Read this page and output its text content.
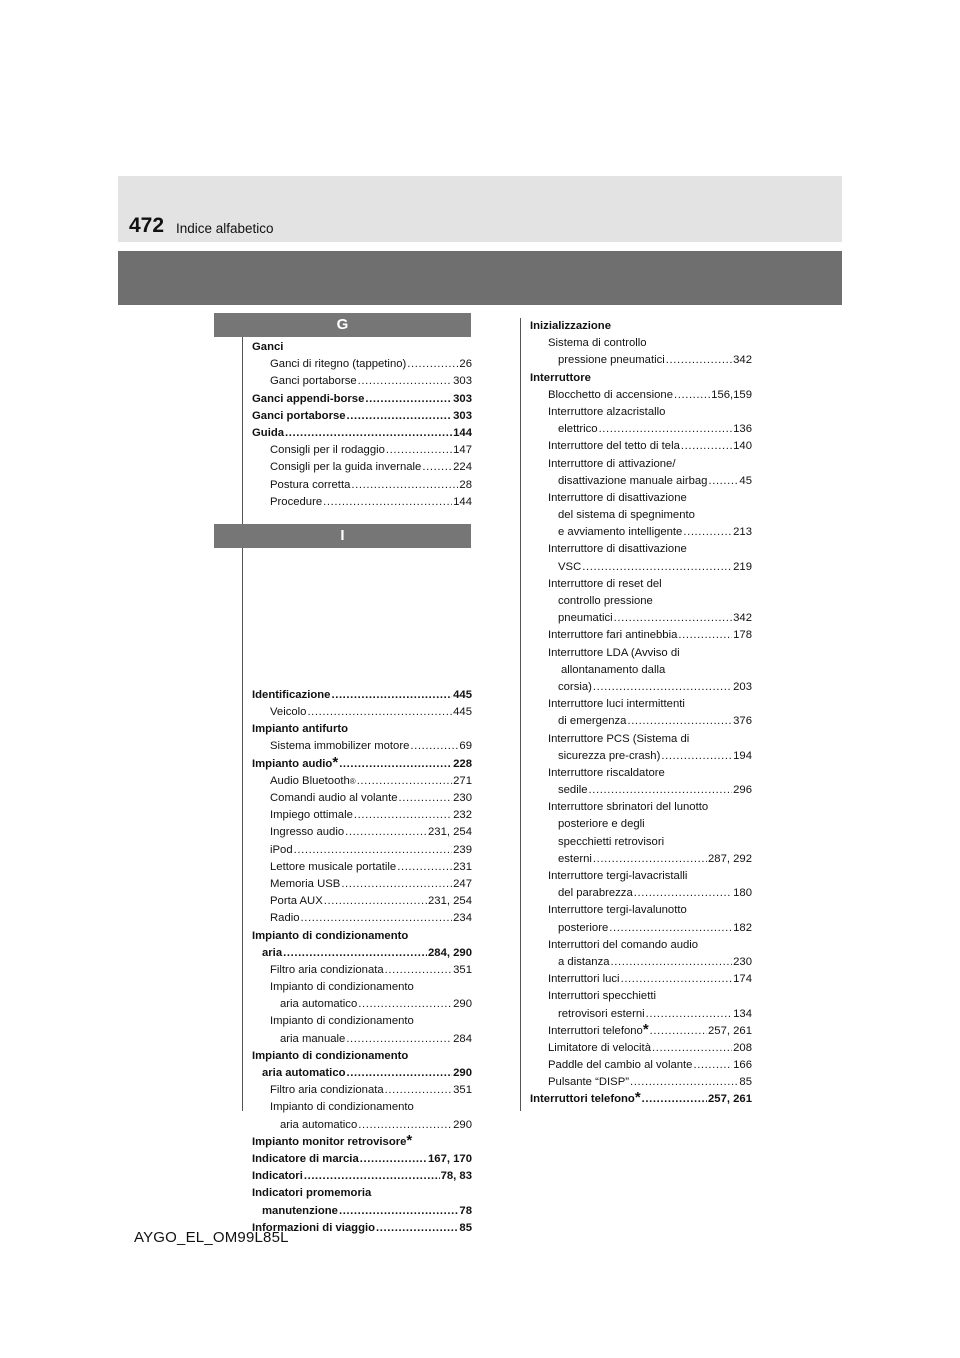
472 Indice alfabetico
G
Ganci
Ganci di ritegno (tappetino) .....	26
Ganci portaborse .....	303
Ganci appendi-borse .....	303
Ganci portaborse .....	303
Guida .....	144
Consigli per il rodaggio .....	147
Consigli per la guida invernale .....	224
Postura corretta .....	28
Procedure .....	144
Identificazione .....	445
Veicolo .....	445
Impianto antifurto
Sistema immobilizer motore .....	69
Impianto audio * .....	228
Audio Bluetooth ® .....	271
Comandi audio al volante .....	230
Impiego ottimale .....	232
Ingresso audio .....	231, 254
iPod .....	239
Lettore musicale portatile .....	231
Memoria USB .....	247
Porta AUX .....	231, 254
Radio .....	234
Impianto di condizionamento
aria .....	284, 290
Filtro aria condizionata .....	351
Impianto di condizionamento
aria automatico .....	290
Impianto di condizionamento
aria manuale .....	284
Impianto di condizionamento
aria automatico .....	290
Filtro aria condizionata .....	351
Impianto di condizionamento
aria automatico .....	290
Impianto monitor retrovisore *
Indicatore di marcia .....	167, 170
Indicatori .....	78, 83
Indicatori promemoria
manutenzione .....	78
Informazioni di viaggio .....	85
I
Inizializzazione
Sistema di controllo
pressione pneumatici .....	342
Interruttore
Blocchetto di accensione .....	156,159
Interruttore alzacristallo
elettrico .....	136
Interruttore del tetto di tela .....	140
Interruttore di attivazione/
disattivazione manuale airbag .....	45
Interruttore di disattivazione
del sistema di spegnimento
e avviamento intelligente .....	213
Interruttore di disattivazione
VSC .....	219
Interruttore di reset del
controllo pressione
pneumatici .....	342
Interruttore fari antinebbia .....	178
Interruttore LDA (Avviso di
allontanamento dalla
corsia) .....	203
Interruttore luci intermittenti
di emergenza .....	376
Interruttore PCS (Sistema di
sicurezza pre-crash) .....	194
Interruttore riscaldatore
sedile .....	296
Interruttore sbrinatori del lunotto
posteriore e degli
specchietti retrovisori
esterni .....	287, 292
Interruttore tergi-lavacristalli
del parabrezza .....	180
Interruttore tergi-lavalunotto
posteriore .....	182
Interruttori del comando audio
a distanza .....	230
Interruttori luci .....	174
Interruttori specchietti
retrovisori esterni .....	134
Interruttori telefono * .....	257, 261
Limitatore di velocità .....	208
Paddle del cambio al volante .....	166
Pulsante “DISP” .....	85
Interruttori telefono * .....	257, 261
AYGO_EL_OM99L85L
